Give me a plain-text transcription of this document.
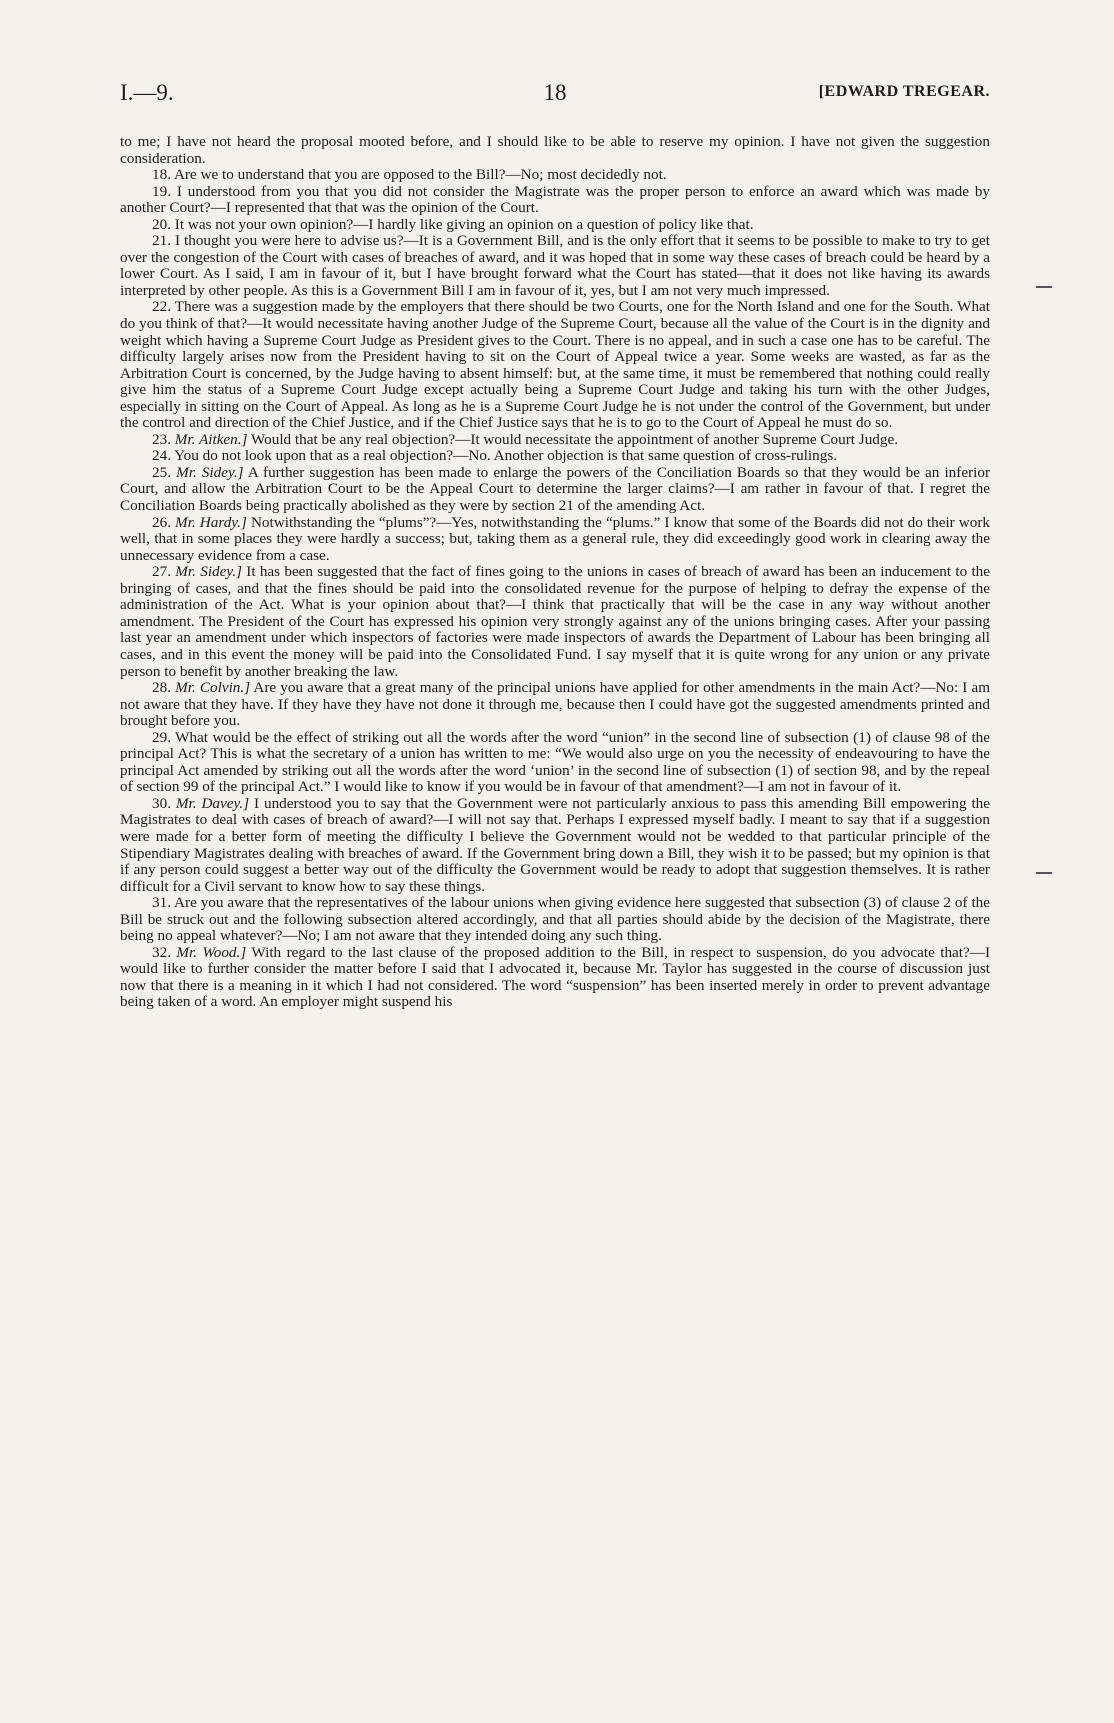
I.—9.	18	[EDWARD TREGEAR.

to me; I have not heard the proposal mooted before, and I should like to be able to reserve my opinion. I have not given the suggestion consideration.

18. Are we to understand that you are opposed to the Bill?—No; most decidedly not.

19. I understood from you that you did not consider the Magistrate was the proper person to enforce an award which was made by another Court?—I represented that that was the opinion of the Court.

20. It was not your own opinion?—I hardly like giving an opinion on a question of policy like that.

21. I thought you were here to advise us?—It is a Government Bill, and is the only effort that it seems to be possible to make to try to get over the congestion of the Court with cases of breaches of award, and it was hoped that in some way these cases of breach could be heard by a lower Court. As I said, I am in favour of it, but I have brought forward what the Court has stated—that it does not like having its awards interpreted by other people. As this is a Government Bill I am in favour of it, yes, but I am not very much impressed.

22. There was a suggestion made by the employers that there should be two Courts, one for the North Island and one for the South. What do you think of that?—It would necessitate having another Judge of the Supreme Court, because all the value of the Court is in the dignity and weight which having a Supreme Court Judge as President gives to the Court. There is no appeal, and in such a case one has to be careful. The difficulty largely arises now from the President having to sit on the Court of Appeal twice a year. Some weeks are wasted, as far as the Arbitration Court is concerned, by the Judge having to absent himself: but, at the same time, it must be remembered that nothing could really give him the status of a Supreme Court Judge except actually being a Supreme Court Judge and taking his turn with the other Judges, especially in sitting on the Court of Appeal. As long as he is a Supreme Court Judge he is not under the control of the Government, but under the control and direction of the Chief Justice, and if the Chief Justice says that he is to go to the Court of Appeal he must do so.

23. Mr. Aitken.] Would that be any real objection?—It would necessitate the appointment of another Supreme Court Judge.

24. You do not look upon that as a real objection?—No. Another objection is that same question of cross-rulings.

25. Mr. Sidey.] A further suggestion has been made to enlarge the powers of the Conciliation Boards so that they would be an inferior Court, and allow the Arbitration Court to be the Appeal Court to determine the larger claims?—I am rather in favour of that. I regret the Conciliation Boards being practically abolished as they were by section 21 of the amending Act.

26. Mr. Hardy.] Notwithstanding the “plums”?—Yes, notwithstanding the “plums.” I know that some of the Boards did not do their work well, that in some places they were hardly a success; but, taking them as a general rule, they did exceedingly good work in clearing away the unnecessary evidence from a case.

27. Mr. Sidey.] It has been suggested that the fact of fines going to the unions in cases of breach of award has been an inducement to the bringing of cases, and that the fines should be paid into the consolidated revenue for the purpose of helping to defray the expense of the administration of the Act. What is your opinion about that?—I think that practically that will be the case in any way without another amendment. The President of the Court has expressed his opinion very strongly against any of the unions bringing cases. After your passing last year an amendment under which inspectors of factories were made inspectors of awards the Department of Labour has been bringing all cases, and in this event the money will be paid into the Consolidated Fund. I say myself that it is quite wrong for any union or any private person to benefit by another breaking the law.

28. Mr. Colvin.] Are you aware that a great many of the principal unions have applied for other amendments in the main Act?—No: I am not aware that they have. If they have they have not done it through me, because then I could have got the suggested amendments printed and brought before you.

29. What would be the effect of striking out all the words after the word “union” in the second line of subsection (1) of clause 98 of the principal Act? This is what the secretary of a union has written to me: “We would also urge on you the necessity of endeavouring to have the principal Act amended by striking out all the words after the word ‘union’ in the second line of subsection (1) of section 98, and by the repeal of section 99 of the principal Act.” I would like to know if you would be in favour of that amendment?—I am not in favour of it.

30. Mr. Davey.] I understood you to say that the Government were not particularly anxious to pass this amending Bill empowering the Magistrates to deal with cases of breach of award?—I will not say that. Perhaps I expressed myself badly. I meant to say that if a suggestion were made for a better form of meeting the difficulty I believe the Government would not be wedded to that particular principle of the Stipendiary Magistrates dealing with breaches of award. If the Government bring down a Bill, they wish it to be passed; but my opinion is that if any person could suggest a better way out of the difficulty the Government would be ready to adopt that suggestion themselves. It is rather difficult for a Civil servant to know how to say these things.

31. Are you aware that the representatives of the labour unions when giving evidence here suggested that subsection (3) of clause 2 of the Bill be struck out and the following subsection altered accordingly, and that all parties should abide by the decision of the Magistrate, there being no appeal whatever?—No; I am not aware that they intended doing any such thing.

32. Mr. Wood.] With regard to the last clause of the proposed addition to the Bill, in respect to suspension, do you advocate that?—I would like to further consider the matter before I said that I advocated it, because Mr. Taylor has suggested in the course of discussion just now that there is a meaning in it which I had not considered. The word “suspension” has been inserted merely in order to prevent advantage being taken of a word. An employer might suspend his
